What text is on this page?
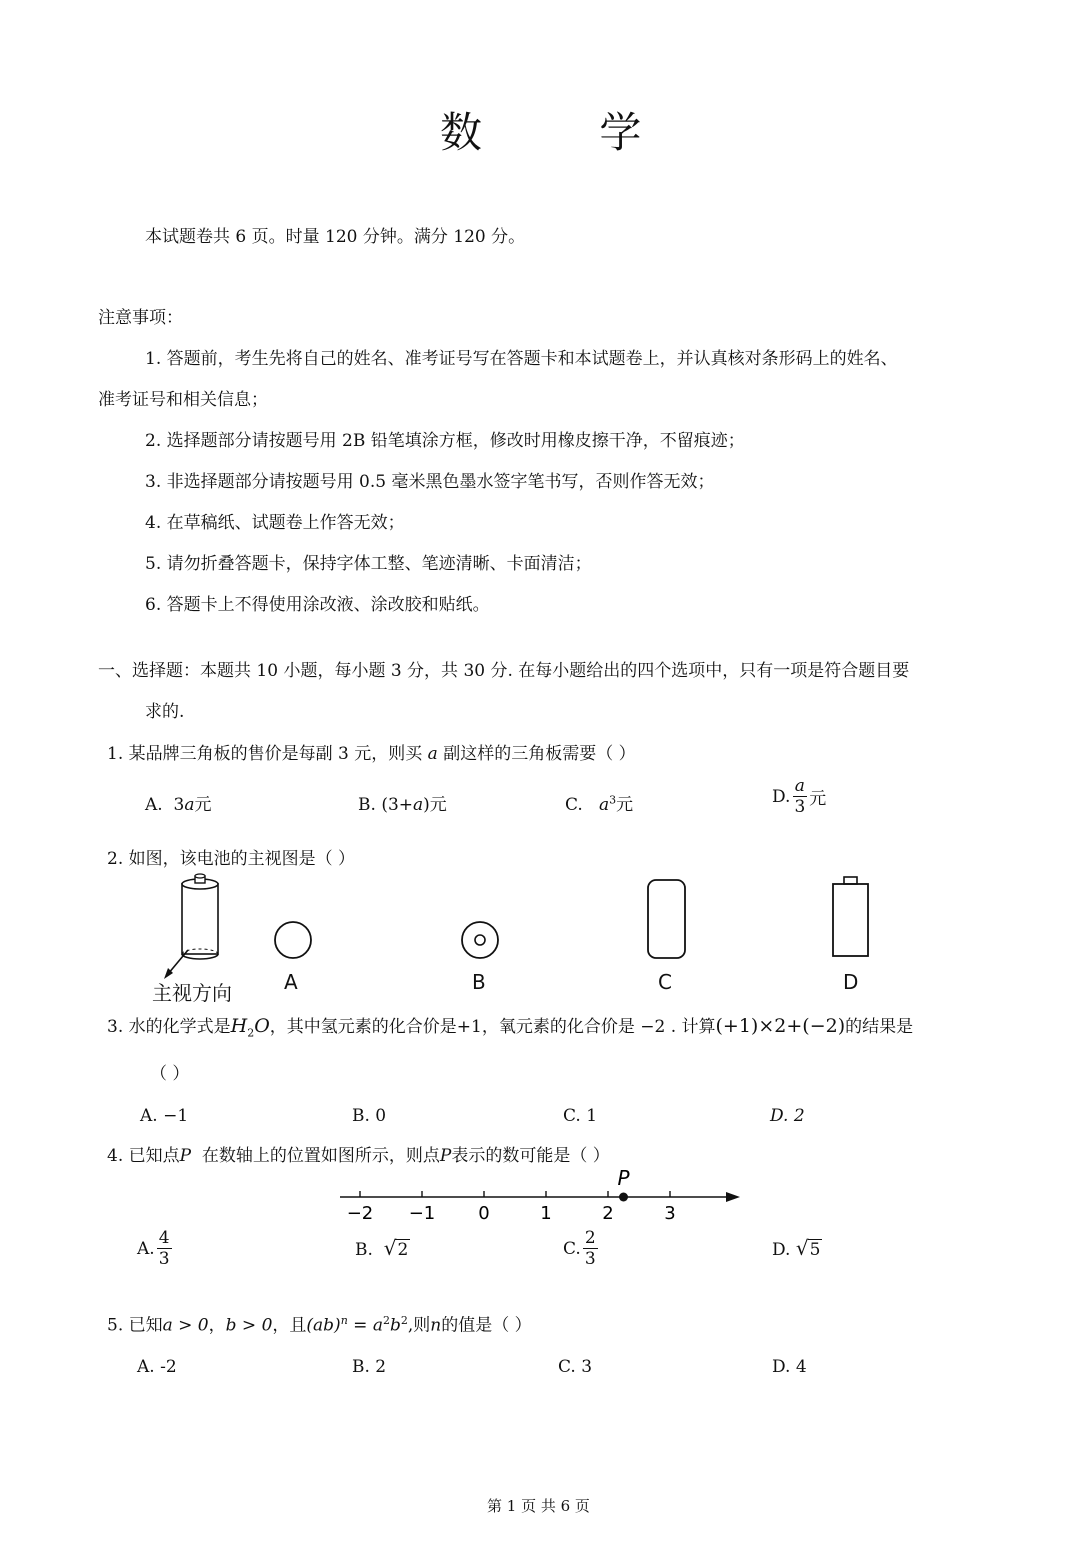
数 学
本试题卷共 6 页。时量 120 分钟。满分 120 分。
注意事项：
1. 答题前，考生先将自己的姓名、准考证号写在答题卡和本试题卷上，并认真核对条形码上的姓名、
准考证号和相关信息；
2. 选择题部分请按题号用 2B 铅笔填涂方框，修改时用橡皮擦干净，不留痕迹；
3. 非选择题部分请按题号用 0.5 毫米黑色墨水签字笔书写，否则作答无效；
4. 在草稿纸、试题卷上作答无效；
5. 请勿折叠答题卡，保持字体工整、笔迹清晰、卡面清洁；
6. 答题卡上不得使用涂改液、涂改胶和贴纸。
一、选择题：本题共 10 小题，每小题 3 分，共 30 分. 在每小题给出的四个选项中，只有一项是符合题目要
求的.
1. 某品牌三角板的售价是每副 3 元，则买 a 副这样的三角板需要（ ）
A. 3a元	B. (3+a)元	C. $a^3$元	D. $\frac{a}{3}$ 元
2. 如图，该电池的主视图是（ ）
主视方向	A	B	C	D
3. 水的化学式是$H_2O$，其中氢元素的化合价是+1，氧元素的化合价是 −2 . 计算(+1)×2+(−2)的结果是
（ ）
A. −1	B. 0	C. 1	D. 2
4. 已知点P 在数轴上的位置如图所示，则点P表示的数可能是（ ）
−2 −1 0	1	2	3
P
A. $\frac{4}{3}$	B.
√ 2	C. $\frac{2}{3}$	D.
√ 5
5. 已知a > 0，b > 0，且$(ab)^n = a^2b^2$,则n的值是（ ）
A. -2	B. 2	C. 3	D. 4
第 1 页 共 6 页
